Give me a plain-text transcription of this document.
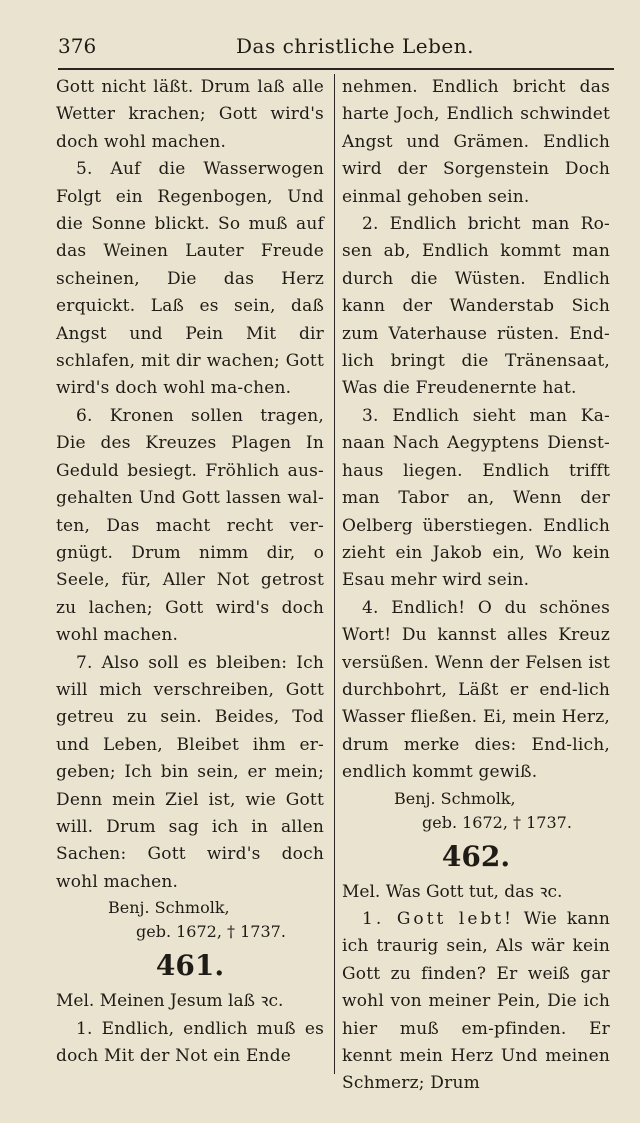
376	Das christliche Leben.

Gott nicht läßt. Drum laß alle Wetter krachen; Gott wird's doch wohl machen.

5. Auf die Wasserwogen Folgt ein Regenbogen, Und die Sonne blickt. So muß auf das Weinen Lauter Freude scheinen, Die das Herz erquickt. Laß es sein, daß Angst und Pein Mit dir schlafen, mit dir wachen; Gott wird's doch wohl ma-chen.

6. Kronen sollen tragen, Die des Kreuzes Plagen In Geduld besiegt. Fröhlich aus-gehalten Und Gott lassen wal-ten, Das macht recht ver-gnügt. Drum nimm dir, o Seele, für, Aller Not getrost zu lachen; Gott wird's doch wohl machen.

7. Also soll es bleiben: Ich will mich verschreiben, Gott getreu zu sein. Beides, Tod und Leben, Bleibet ihm er-geben; Ich bin sein, er mein; Denn mein Ziel ist, wie Gott will. Drum sag ich in allen Sachen: Gott wird's doch wohl machen.

Benj. Schmolk,

geb. 1672, † 1737.

461.

Mel. Meinen Jesum laß ꝛc.

1. Endlich, endlich muß es doch Mit der Not ein Ende

nehmen. Endlich bricht das harte Joch, Endlich schwindet Angst und Grämen. Endlich wird der Sorgenstein Doch einmal gehoben sein.

2. Endlich bricht man Ro-sen ab, Endlich kommt man durch die Wüsten. Endlich kann der Wanderstab Sich zum Vaterhause rüsten. End-lich bringt die Tränensaat, Was die Freudenernte hat.

3. Endlich sieht man Ka-naan Nach Aegyptens Dienst-haus liegen. Endlich trifft man Tabor an, Wenn der Oelberg überstiegen. Endlich zieht ein Jakob ein, Wo kein Esau mehr wird sein.

4. Endlich! O du schönes Wort! Du kannst alles Kreuz versüßen. Wenn der Felsen ist durchbohrt, Läßt er end-lich Wasser fließen. Ei, mein Herz, drum merke dies: End-lich, endlich kommt gewiß.

Benj. Schmolk,

geb. 1672, † 1737.

462.

Mel. Was Gott tut, das ꝛc.

1. Gott lebt! Wie kann ich traurig sein, Als wär kein Gott zu finden? Er weiß gar wohl von meiner Pein, Die ich hier muß em-pfinden. Er kennt mein Herz Und meinen Schmerz; Drum
